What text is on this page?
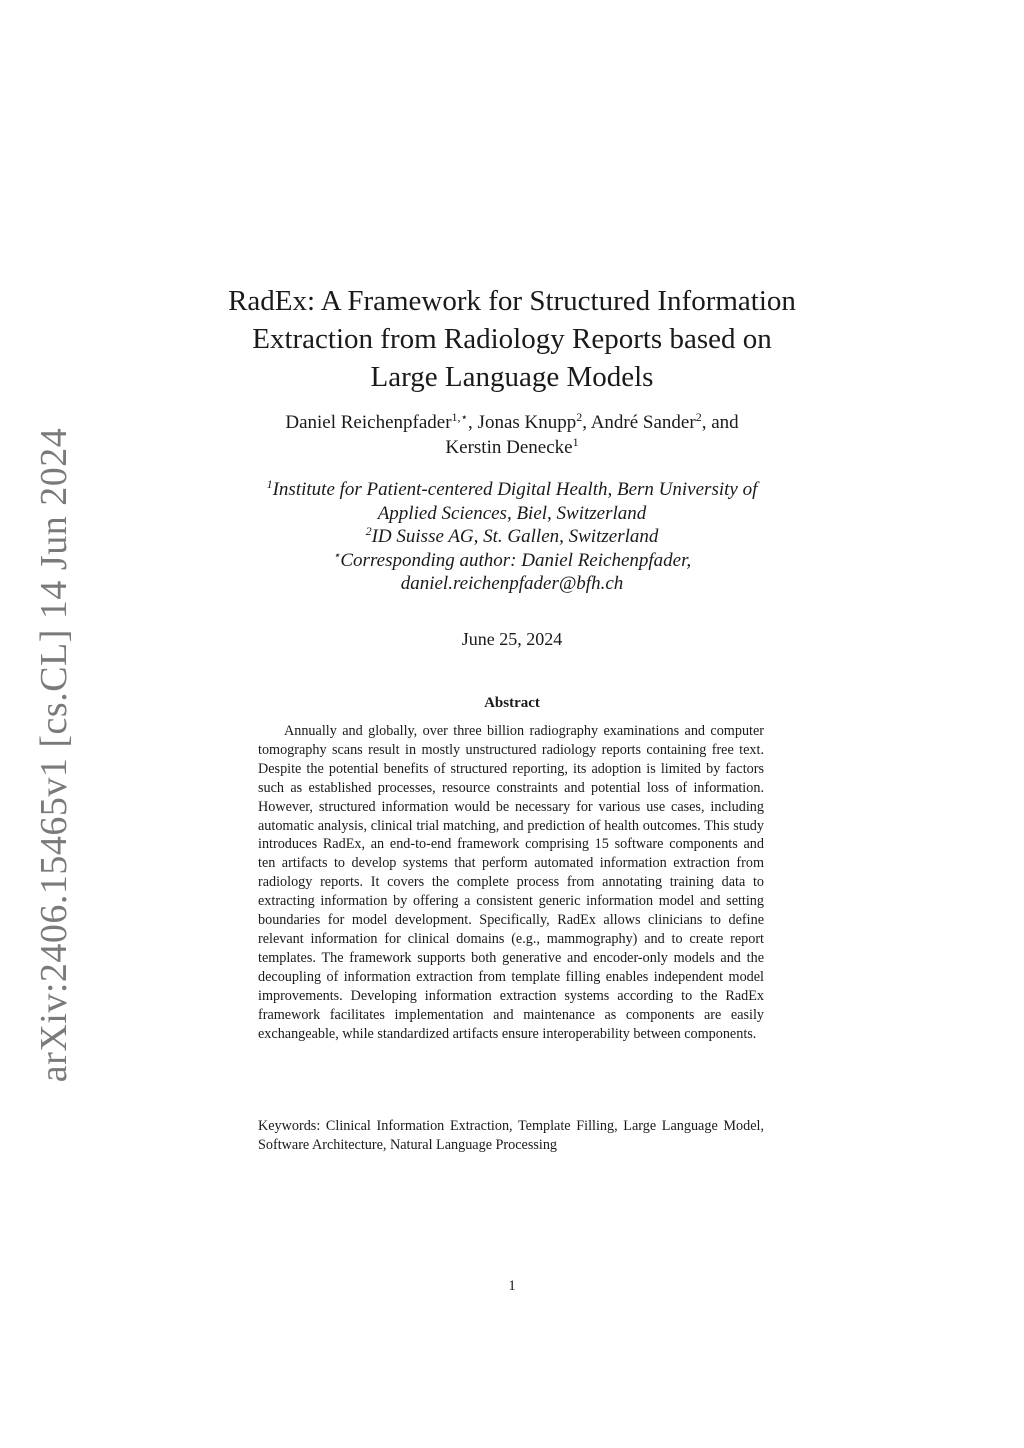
arXiv:2406.15465v1 [cs.CL] 14 Jun 2024
RadEx: A Framework for Structured Information
Extraction from Radiology Reports based on
Large Language Models
Daniel Reichenpfader$^{1,⋆}$, Jonas Knupp$^2$, André Sander$^2$, and
Kerstin Denecke$^1$
$^1$Institute for Patient-centered Digital Health, Bern University of
Applied Sciences, Biel, Switzerland
$^2$ID Suisse AG, St. Gallen, Switzerland
⋆Corresponding author: Daniel Reichenpfader,
daniel.reichenpfader@bfh.ch
June 25, 2024
Abstract

Annually and globally, over three billion radiography examinations and computer tomography scans result in mostly unstructured radiology reports containing free text. Despite the potential benefits of structured reporting, its adoption is limited by factors such as established processes, resource constraints and potential loss of information. However, structured information would be necessary for various use cases, including automatic analysis, clinical trial matching, and prediction of health outcomes. This study introduces RadEx, an end-to-end framework comprising 15 software components and ten artifacts to develop systems that perform automated information extraction from radiology reports. It covers the complete process from annotating training data to extracting information by offering a consistent generic information model and setting boundaries for model development. Specifically, RadEx allows clinicians to define relevant information for clinical domains (e.g., mammography) and to create report templates. The framework supports both generative and encoder-only models and the decoupling of information extraction from template filling enables independent model improvements. Developing information extraction systems according to the RadEx framework facilitates implementation and maintenance as components are easily exchangeable, while standardized artifacts ensure interoperability between components.

Keywords: Clinical Information Extraction, Template Filling, Large Language Model, Software Architecture, Natural Language Processing

1
